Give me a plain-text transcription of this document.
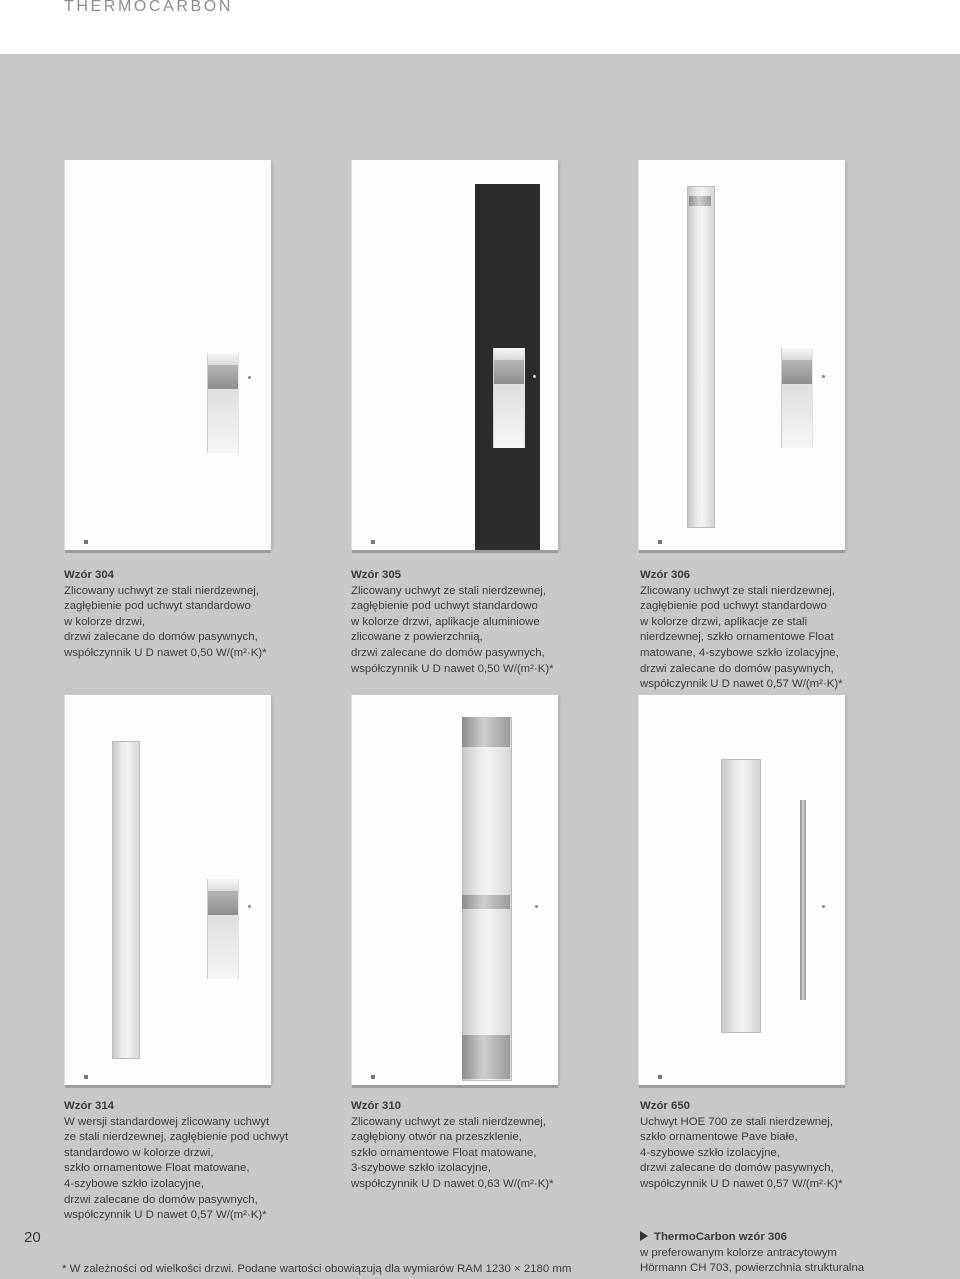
THERMOCARBON
Wzór 304
Zlicowany uchwyt ze stali nierdzewnej,
zagłębienie pod uchwyt standardowo
w kolorze drzwi,
drzwi zalecane do domów pasywnych,
współczynnik U D nawet 0,50 W/(m²·K)*
Wzór 305
Zlicowany uchwyt ze stali nierdzewnej,
zagłębienie pod uchwyt standardowo
w kolorze drzwi, aplikacje aluminiowe
zlicowane z powierzchnią,
drzwi zalecane do domów pasywnych,
współczynnik U D nawet 0,50 W/(m²·K)*
Wzór 306
Zlicowany uchwyt ze stali nierdzewnej,
zagłębienie pod uchwyt standardowo
w kolorze drzwi, aplikacje ze stali
nierdzewnej, szkło ornamentowe Float
matowane, 4-szybowe szkło izolacyjne,
drzwi zalecane do domów pasywnych,
współczynnik U D nawet 0,57 W/(m²·K)*
Wzór 314
W wersji standardowej zlicowany uchwyt
ze stali nierdzewnej, zagłębienie pod uchwyt
standardowo w kolorze drzwi,
szkło ornamentowe Float matowane,
4-szybowe szkło izolacyjne,
drzwi zalecane do domów pasywnych,
współczynnik U D nawet 0,57 W/(m²·K)*
Wzór 310
Zlicowany uchwyt ze stali nierdzewnej,
zagłębiony otwór na przeszklenie,
szkło ornamentowe Float matowane,
3-szybowe szkło izolacyjne,
współczynnik U D nawet 0,63 W/(m²·K)*
Wzór 650
Uchwyt HOE 700 ze stali nierdzewnej,
szkło ornamentowe Pave białe,
4-szybowe szkło izolacyjne,
drzwi zalecane do domów pasywnych,
współczynnik U D nawet 0,57 W/(m²·K)*
20
* W zależności od wielkości drzwi. Podane wartości obowiązują dla wymiarów RAM 1230 × 2180 mm
ThermoCarbon wzór 306
w preferowanym kolorze antracytowym
Hörmann CH 703, powierzchnia strukturalna
